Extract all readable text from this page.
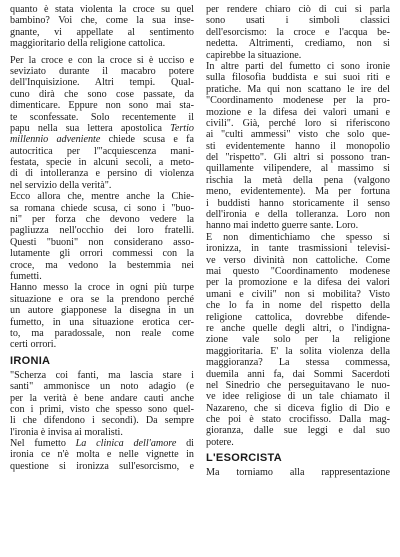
quanto è stata violenta la croce su quel
bambino? Voi che, come la sua inse-
gnante, vi appellate al sentimento
maggioritario della religione cattolica.
Per la croce e con la croce si è ucciso e
seviziato durante il macabro potere
dell'Inquisizione. Altri tempi. Qual-
cuno dirà che sono cose passate, da
dimenticare. Eppure non sono mai sta-
te sconfessate. Solo recentemente il
papu nella sua lettera apostolica Tertio
millennio adveniente chiede scusa e fa
autocritica per l'"acquiescenza mani-
festata, specie in alcuni secoli, a meto-
di di intolleranza e persino di violenza
nel servizio della verità".
Ecco allora che, mentre anche la Chie-
sa romana chiede scusa, ci sono i "buo-
ni" per forza che devono vedere la
pagliuzza nell'occhio dei loro fratelli.
Questi "buoni" non considerano asso-
lutamente gli orrori commessi con la
croce, ma vedono la bestemmia nei
fumetti.
Hanno messo la croce in ogni più turpe
situazione e ora se la prendono perché
un autore giapponese la disegna in un
fumetto, in una situazione erotica cer-
to, ma paradossale, non reale come
certi orrori.
IRONIA
"Scherza coi fanti, ma lascia stare i
santi" ammonisce un noto adagio (e
per la verità è bene andare cauti anche
con i primi, visto che spesso sono quel-
li che difendono i secondi). Da sempre
l'ironia è invisa ai moralisti.
Nel fumetto La clinica dell'amore di
ironia ce n'è molta e nelle vignette in
questione si ironizza sull'esorcismo, e
per rendere chiaro ciò di cui si parla
sono usati i simboli classici
dell'esorcismo: la croce e l'acqua be-
nedetta. Altrimenti, crediamo, non si
capirebbe la situazione.
In altre parti del fumetto ci sono ironie
sulla filosofia buddista e sui suoi riti e
pratiche. Ma qui non scattano le ire del
"Coordinamento modenese per la pro-
mozione e la difesa dei valori umani e
civili". Già, perché loro si riferiscono
ai "culti ammessi" visto che solo que-
sti evidentemente hanno il monopolio
del "rispetto". Gli altri si possono tran-
quillamente vilipendere, al massimo si
rischia la metà della pena (valgono
meno, evidentemente). Ma per fortuna
i buddisti hanno storicamente il senso
dell'ironia e della tolleranza. Loro non
hanno mai indetto guerre sante. Loro.
E non dimentichiamo che spesso si
ironizza, in tante trasmissioni televisi-
ve verso divinità non cattoliche. Come
mai questo "Coordinamento modenese
per la promozione e la difesa dei valori
umani e civili" non si mobilita? Visto
che lo fa in nome del rispetto della
religione cattolica, dovrebbe difende-
re anche quelle degli altri, o l'indigna-
zione vale solo per la religione
maggioritaria. E' la solita violenza della
maggioranza? La stessa commessa,
duemila anni fa, dai Sommi Sacerdoti
nel Sinedrio che perseguitavano le nuo-
ve idee religiose di un tale chiamato il
Nazareno, che si diceva figlio di Dio e
che poi è stato crocifisso. Dalla mag-
gioranza, dalle sue leggi e dal suo
potere.
L'ESORCISTA
Ma torniamo alla rappresentazione
